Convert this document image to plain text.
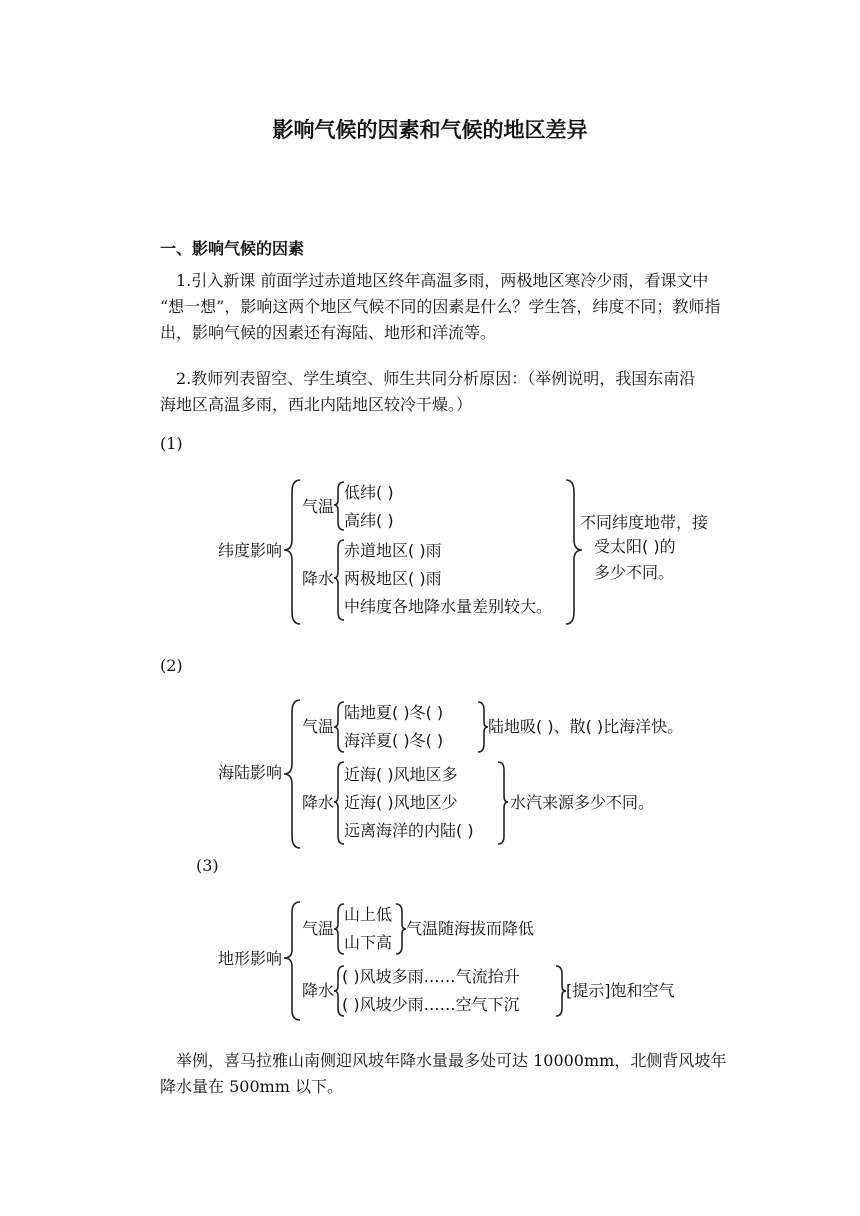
影响气候的因素和气候的地区差异
一、影响气候的因素

1.引入新课 前面学过赤道地区终年高温多雨，两极地区寒冷少雨，看课文中

“想一想”，影响这两个地区气候不同的因素是什么？学生答，纬度不同；教师指

出，影响气候的因素还有海陆、地形和洋流等。

2.教师列表留空、学生填空、师生共同分析原因：（举例说明，我国东南沿

海地区高温多雨，西北内陆地区较冷干燥。）

(1)
(2)
(3)
纬度影响
气温
低纬( )
高纬( )
降水
赤道地区( )雨
两极地区( )雨
中纬度各地降水量差别较大。
不同纬度地带，接
受太阳( )的
多少不同。
海陆影响
气温
陆地夏( )冬( )
海洋夏( )冬( )
陆地吸( )、散( )比海洋快。
降水
近海( )风地区多
近海( )风地区少
远离海洋的内陆( )
水汽来源多少不同。
地形影响
气温
山上低
山下高
气温随海拔而降低
降水
( )风坡多雨……气流抬升
( )风坡少雨……空气下沉
[提示]饱和空气

举例，喜马拉雅山南侧迎风坡年降水量最多处可达 10000mm，北侧背风坡年

降水量在 500mm 以下。
